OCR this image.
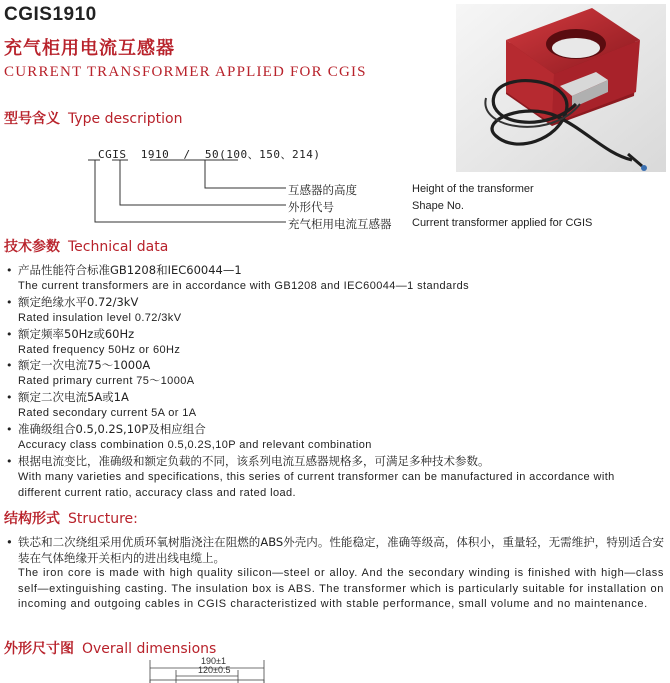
CGIS1910
充气柜用电流互感器
CURRENT TRANSFORMER APPLIED FOR CGIS
型号含义 Type description
CGIS 1910 / 50(100、150、214)
互感器的高度	Height of the transformer
外形代号	Shape No.
充气柜用电流互感器 Current transformer applied for CGIS
技术参数 Technical data
• 产品性能符合标准GB1208和IEC60044—1
The current transformers are in accordance with GB1208 and IEC60044—1 standards
• 额定绝缘水平0.72/3kV
Rated insulation level 0.72/3kV
• 额定频率50Hz或60Hz
Rated frequency 50Hz or 60Hz
• 额定一次电流75～1000A
Rated primary current 75～1000A
• 额定二次电流5A或1A
Rated secondary current 5A or 1A
• 准确级组合0.5,0.2S,10P及相应组合
Accuracy class combination 0.5,0.2S,10P and relevant combination
• 根据电流变比，准确级和额定负载的不同，该系列电流互感器规格多，可满足多种技术参数。
With many varieties and specifications, this series of current transformer can be manufactured in accordance with different current ratio, accuracy class and rated load.
结构形式 Structure:
• 铁芯和二次绕组采用优质环氧树脂浇注在阻燃的ABS外壳内。性能稳定，准确等级高，体积小，重量轻，无需维护，特别适合安装在气体绝缘开关柜内的进出线电缆上。
The iron core is made with high quality silicon—steel or alloy. And the secondary winding is finished with high—class self—extinguishing casting. The insulation box is ABS. The transformer which is particularly suitable for installation on incoming and outgoing cables in CGIS characteristized with stable performance, small volume and no maintenance.
外形尺寸图 Overall dimensions
190±1
120±0.5
